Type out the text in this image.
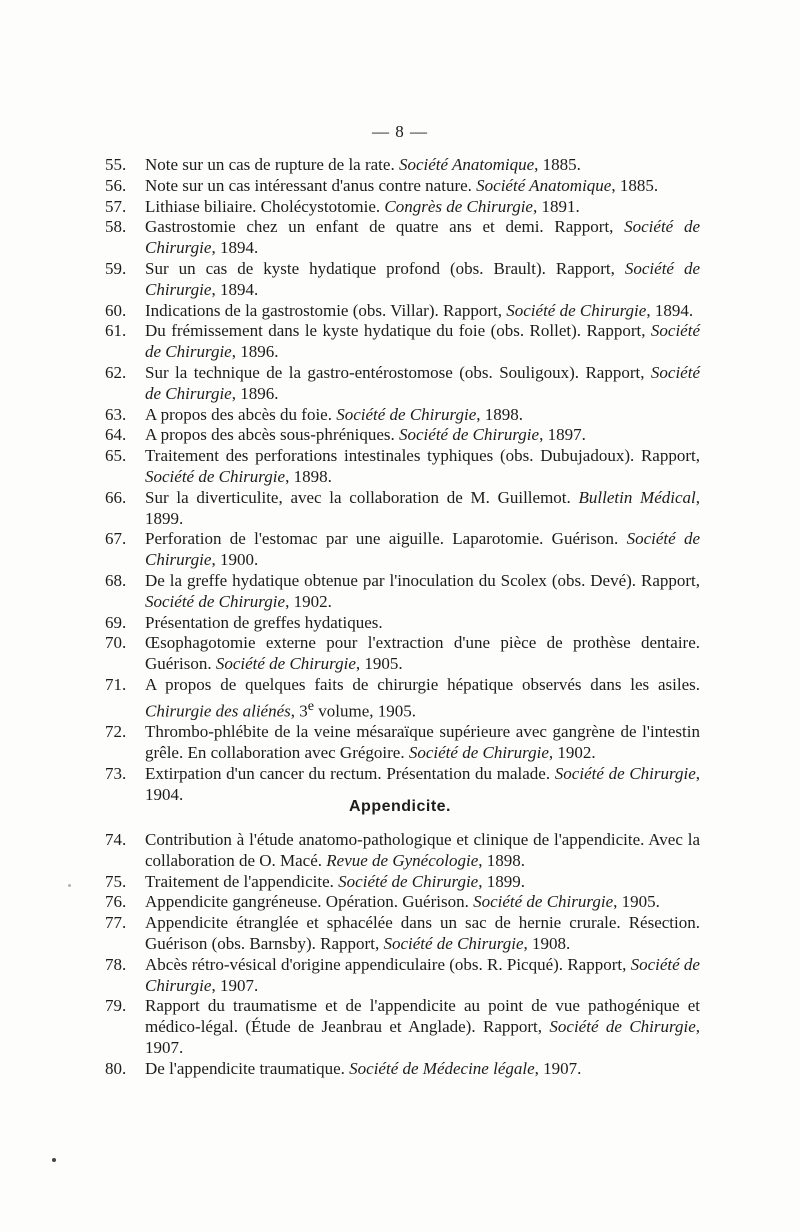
— 8 —
55. Note sur un cas de rupture de la rate. Société Anatomique, 1885.
56. Note sur un cas intéressant d'anus contre nature. Société Anatomique, 1885.
57. Lithiase biliaire. Cholécystotomie. Congrès de Chirurgie, 1891.
58. Gastrostomie chez un enfant de quatre ans et demi. Rapport, Société de Chirurgie, 1894.
59. Sur un cas de kyste hydatique profond (obs. Brault). Rapport, Société de Chirurgie, 1894.
60. Indications de la gastrostomie (obs. Villar). Rapport, Société de Chirurgie, 1894.
61. Du frémissement dans le kyste hydatique du foie (obs. Rollet). Rapport, Société de Chirurgie, 1896.
62. Sur la technique de la gastro-entérostomose (obs. Souligoux). Rapport, Société de Chirurgie, 1896.
63. A propos des abcès du foie. Société de Chirurgie, 1898.
64. A propos des abcès sous-phréniques. Société de Chirurgie, 1897.
65. Traitement des perforations intestinales typhiques (obs. Dubujadoux). Rapport, Société de Chirurgie, 1898.
66. Sur la diverticulite, avec la collaboration de M. Guillemot. Bulletin Médical, 1899.
67. Perforation de l'estomac par une aiguille. Laparotomie. Guérison. Société de Chirurgie, 1900.
68. De la greffe hydatique obtenue par l'inoculation du Scolex (obs. Devé). Rapport, Société de Chirurgie, 1902.
69. Présentation de greffes hydatiques.
70. Œsophagotomie externe pour l'extraction d'une pièce de prothèse dentaire. Guérison. Société de Chirurgie, 1905.
71. A propos de quelques faits de chirurgie hépatique observés dans les asiles. Chirurgie des aliénés, 3e volume, 1905.
72. Thrombo-phlébite de la veine mésaraïque supérieure avec gangrène de l'intestin grêle. En collaboration avec Grégoire. Société de Chirurgie, 1902.
73. Extirpation d'un cancer du rectum. Présentation du malade. Société de Chirurgie, 1904.
Appendicite.
74. Contribution à l'étude anatomo-pathologique et clinique de l'appendicite. Avec la collaboration de O. Macé. Revue de Gynécologie, 1898.
75. Traitement de l'appendicite. Société de Chirurgie, 1899.
76. Appendicite gangréneuse. Opération. Guérison. Société de Chirurgie, 1905.
77. Appendicite étranglée et sphacélée dans un sac de hernie crurale. Résection. Guérison (obs. Barnsby). Rapport, Société de Chirurgie, 1908.
78. Abcès rétro-vésical d'origine appendiculaire (obs. R. Picqué). Rapport, Société de Chirurgie, 1907.
79. Rapport du traumatisme et de l'appendicite au point de vue pathogénique et médico-légal. (Étude de Jeanbrau et Anglade). Rapport, Société de Chirurgie, 1907.
80. De l'appendicite traumatique. Société de Médecine légale, 1907.
